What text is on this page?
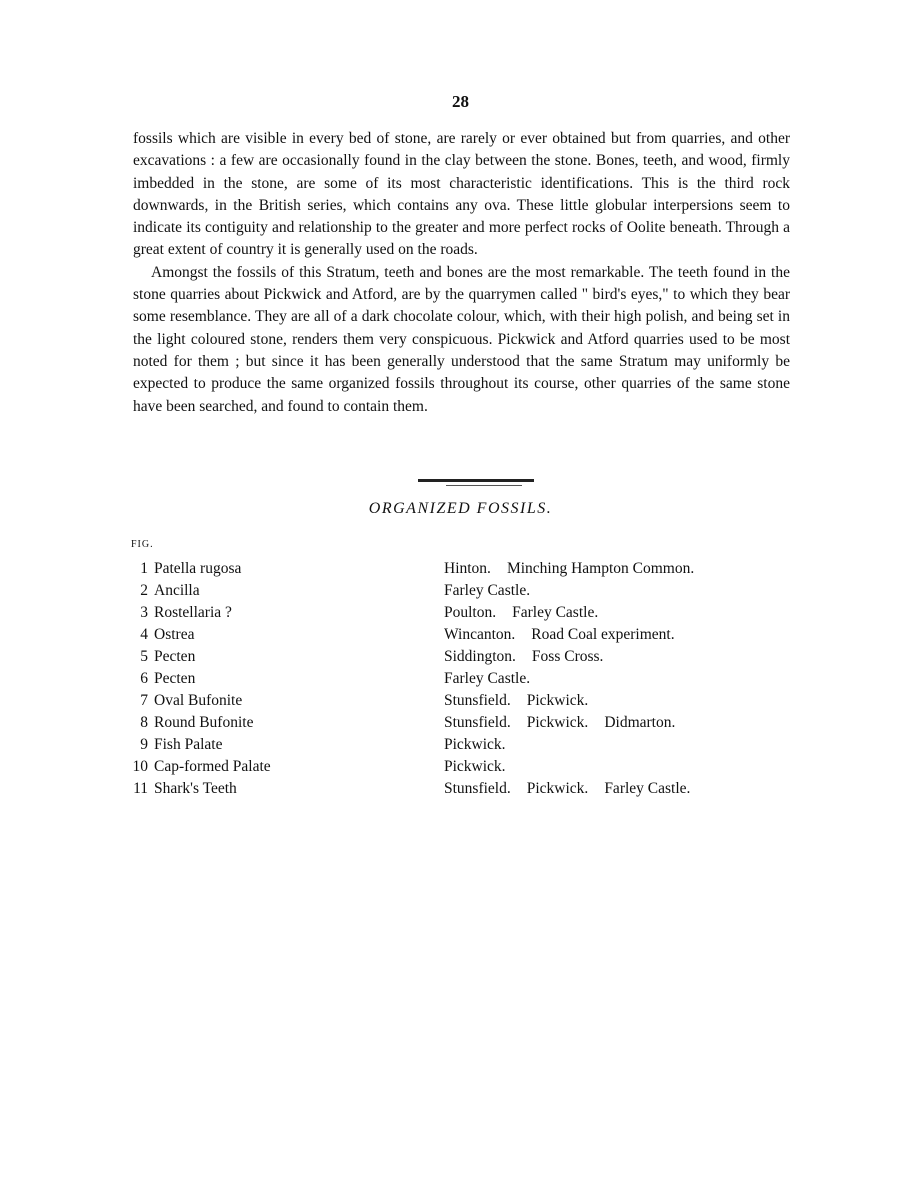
28

fossils which are visible in every bed of stone, are rarely or ever obtained but from quarries, and other excavations : a few are occasionally found in the clay between the stone. Bones, teeth, and wood, firmly imbedded in the stone, are some of its most characteristic identifications. This is the third rock downwards, in the British series, which contains any ova. These little globular interpersions seem to indicate its contiguity and relationship to the greater and more perfect rocks of Oolite beneath. Through a great extent of country it is generally used on the roads.

Amongst the fossils of this Stratum, teeth and bones are the most remarkable. The teeth found in the stone quarries about Pickwick and Atford, are by the quarrymen called " bird's eyes," to which they bear some resemblance. They are all of a dark chocolate colour, which, with their high polish, and being set in the light coloured stone, renders them very conspicuous. Pickwick and Atford quarries used to be most noted for them ; but since it has been generally understood that the same Stratum may uniformly be expected to produce the same organized fossils throughout its course, other quarries of the same stone have been searched, and found to contain them.

ORGANIZED FOSSILS.
FIG.
1 Patella rugosa	Hinton. Minching Hampton Common.
2 Ancilla	Farley Castle.
3 Rostellaria ?	Poulton. Farley Castle.
4 Ostrea	Wincanton. Road Coal experiment.
5 Pecten	Siddington. Foss Cross.
6 Pecten	Farley Castle.
7 Oval Bufonite	Stunsfield. Pickwick.
8 Round Bufonite	Stunsfield. Pickwick. Didmarton.
9 Fish Palate	Pickwick.
10 Cap-formed Palate	Pickwick.
11 Shark's Teeth	Stunsfield. Pickwick. Farley Castle.
